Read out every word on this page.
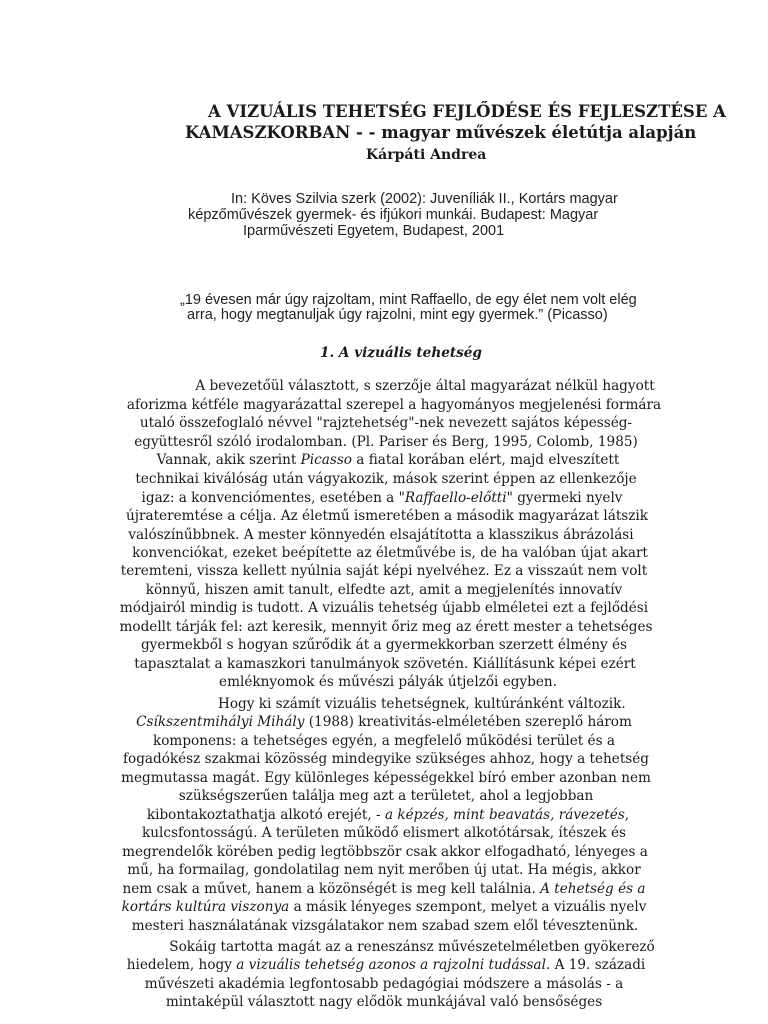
A VIZUÁLIS TEHETSÉG FEJLŐDÉSE ÉS FEJLESZTÉSE A
KAMASZKORBAN - - magyar művészek életútja alapján
Kárpáti Andrea
In: Köves Szilvia szerk (2002): Juveníliák II., Kortárs magyar
képzőművészek gyermek- és ifjúkori munkái. Budapest: Magyar
Iparművészeti Egyetem, Budapest, 2001
„19 évesen már úgy rajzoltam, mint Raffaello, de egy élet nem volt elég
arra, hogy megtanuljak úgy rajzolni, mint egy gyermek.” (Picasso)
1. A vizuális tehetség
A bevezetőül választott, s szerzője által magyarázat nélkül hagyott
aforizma kétféle magyarázattal szerepel a hagyományos megjelenési formára
utaló összefoglaló névvel "rajztehetség"-nek nevezett sajátos képesség-
együttesről szóló irodalomban. (Pl. Pariser és Berg, 1995, Colomb, 1985)
Vannak, akik szerint Picasso a fiatal korában elért, majd elveszített
technikai kiválóság után vágyakozik, mások szerint éppen az ellenkezője
igaz: a konvenciómentes, esetében a "Raffaello-előtti" gyermeki nyelv
újrateremtése a célja. Az életmű ismeretében a második magyarázat látszik
valószínűbbnek. A mester könnyedén elsajátította a klasszikus ábrázolási
konvenciókat, ezeket beépítette az életművébe is, de ha valóban újat akart
teremteni, vissza kellett nyúlnia saját képi nyelvéhez. Ez a visszaút nem volt
könnyű, hiszen amit tanult, elfedte azt, amit a megjelenítés innovatív
módjairól mindig is tudott. A vizuális tehetség újabb elméletei ezt a fejlődési
modellt tárják fel: azt keresik, mennyit őriz meg az érett mester a tehetséges
gyermekből s hogyan szűrődik át a gyermekkorban szerzett élmény és
tapasztalat a kamaszkori tanulmányok szövetén. Kiállításunk képei ezért
emléknyomok és művészi pályák útjelzői egyben.
Hogy ki számít vizuális tehetségnek, kultúránként változik.
Csíkszentmihályi Mihály (1988) kreativitás-elméletében szereplő három
komponens: a tehetséges egyén, a megfelelő működési terület és a
fogadókész szakmai közösség mindegyike szükséges ahhoz, hogy a tehetség
megmutassa magát. Egy különleges képességekkel bíró ember azonban nem
szükségszerűen találja meg azt a területet, ahol a legjobban
kibontakoztathatja alkotó erejét, - a képzés, mint beavatás, rávezetés,
kulcsfontosságú. A területen működő elismert alkotótársak, ítészek és
megrendelők körében pedig legtöbbször csak akkor elfogadható, lényeges a
mű, ha formailag, gondolatilag nem nyit merőben új utat. Ha mégis, akkor
nem csak a művet, hanem a közönségét is meg kell találnia. A tehetség és a
kortárs kultúra viszonya a másik lényeges szempont, melyet a vizuális nyelv
mesteri használatának vizsgálatakor nem szabad szem elől tévesztenünk.
Sokáig tartotta magát az a reneszánsz művészetelméletben gyökerező
hiedelem, hogy a vizuális tehetség azonos a rajzolni tudással. A 19. századi
művészeti akadémia legfontosabb pedagógiai módszere a másolás - a
mintaképül választott nagy elődök munkájával való bensőséges
